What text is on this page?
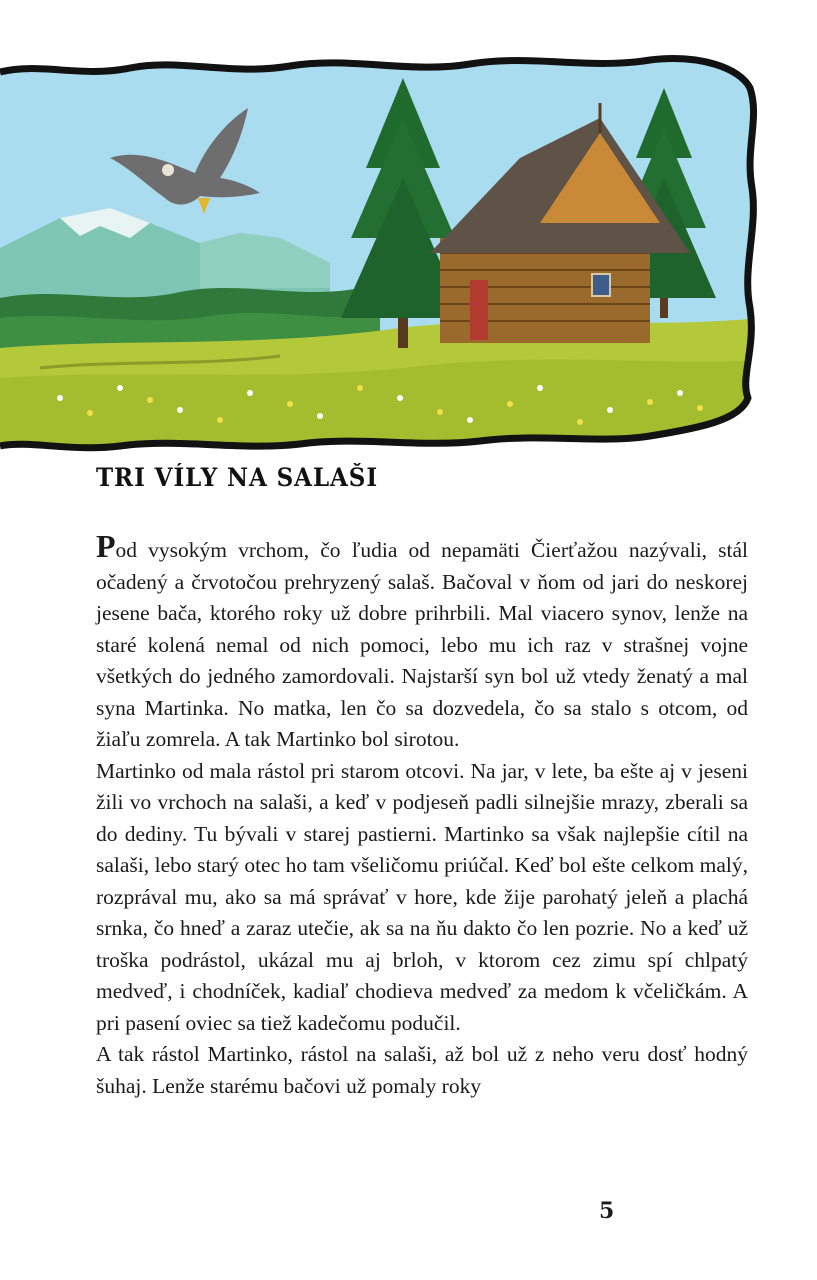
TRI VÍLY NA SALAŠI

Pod vysokým vrchom, čo ľudia od nepamäti Čierťažou nazývali, stál očadený a črvotočou prehryzený salaš. Bačoval v ňom od jari do neskorej jesene bača, ktorého roky už dobre prihrbili. Mal viacero synov, lenže na staré kolená nemal od nich pomoci, lebo mu ich raz v strašnej vojne všetkých do jedného zamordovali. Najstarší syn bol už vtedy ženatý a mal syna Martinka. No matka, len čo sa dozvedela, čo sa stalo s otcom, od žiaľu zomrela. A tak Martinko bol sirotou.

Martinko od mala rástol pri starom otcovi. Na jar, v lete, ba ešte aj v jeseni žili vo vrchoch na salaši, a keď v podjeseň padli silnejšie mrazy, zberali sa do dediny. Tu bývali v starej pastierni. Martinko sa však najlepšie cítil na salaši, lebo starý otec ho tam všeličomu priúčal. Keď bol ešte celkom malý, rozprával mu, ako sa má správať v hore, kde žije parohatý jeleň a plachá srnka, čo hneď a zaraz utečie, ak sa na ňu dakto čo len pozrie. No a keď už troška podrástol, ukázal mu aj brloh, v ktorom cez zimu spí chlpatý medveď, i chodníček, kadiaľ chodieva medveď za medom k včeličkám. A pri pasení oviec sa tiež kadečomu podučil.

A tak rástol Martinko, rástol na salaši, až bol už z neho veru dosť hodný šuhaj. Lenže starému bačovi už pomaly roky

5
